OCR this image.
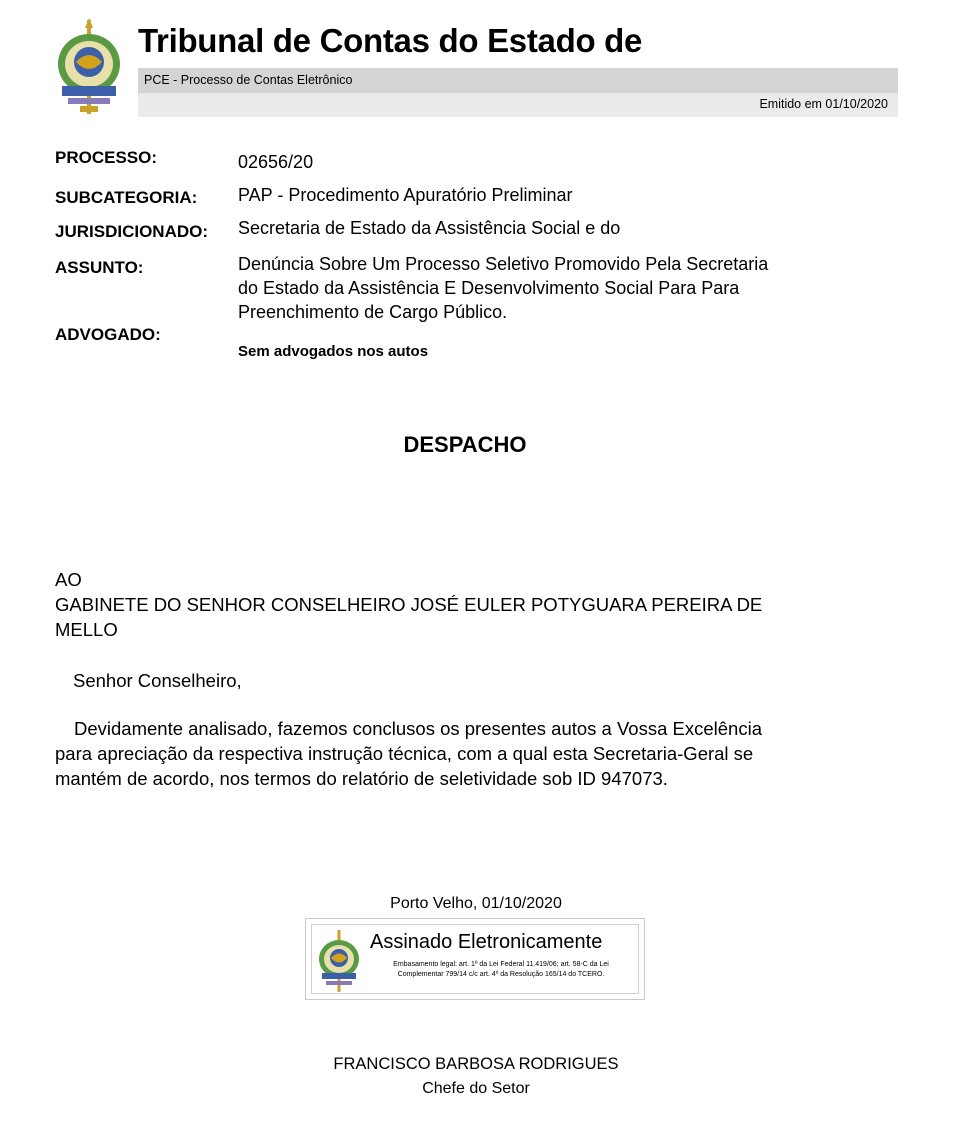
Tribunal de Contas do Estado de
PCE - Processo de Contas Eletrônico
Emitido em 01/10/2020
PROCESSO:	02656/20
SUBCATEGORIA: PAP - Procedimento Apuratório Preliminar
JURISDICIONADO: Secretaria de Estado da Assistência Social e do
ASSUNTO:	Denúncia Sobre Um Processo Seletivo Promovido Pela Secretaria
do Estado da Assistência E Desenvolvimento Social Para Para
Preenchimento de Cargo Público.
ADVOGADO:
Sem advogados nos autos
DESPACHO
AO
GABINETE DO SENHOR CONSELHEIRO JOSÉ EULER POTYGUARA PEREIRA DE
MELLO
Senhor Conselheiro,
Devidamente analisado, fazemos conclusos os presentes autos a Vossa Excelência
para apreciação da respectiva instrução técnica, com a qual esta Secretaria-Geral se
mantém de acordo, nos termos do relatório de seletividade sob ID 947073.
Porto Velho, 01/10/2020
Assinado Eletronicamente
Embasamento legal: art. 1º da Lei Federal 11.419/06; art. 58-C da Lei
Complementar 799/14 c/c art. 4º da Resolução 165/14 do TCERO.
FRANCISCO BARBOSA RODRIGUES
Chefe do Setor
